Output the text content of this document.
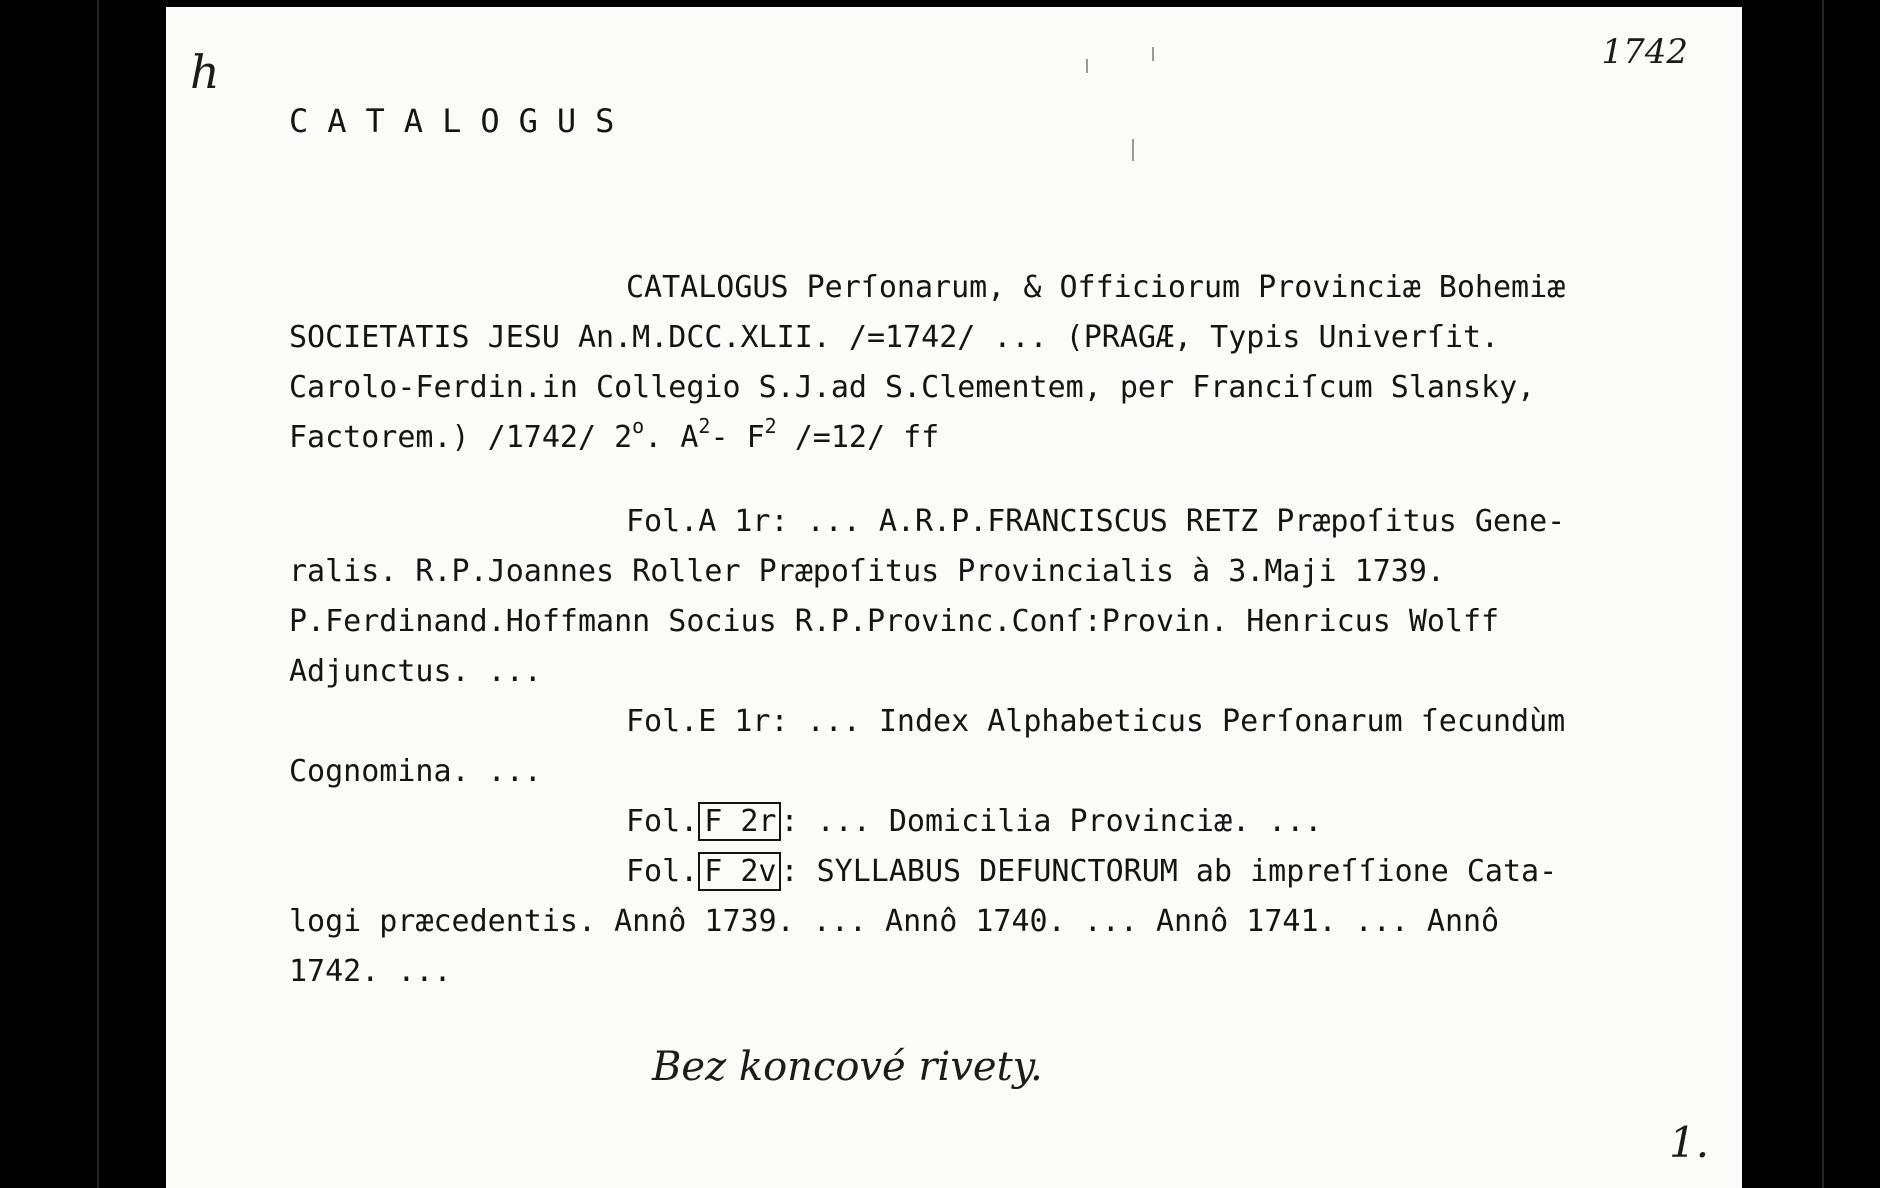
h	1742
CATALOGUS
CATALOGUS Perſonarum, & Officiorum Provinciæ Bohemiæ
SOCIETATIS JESU An.M.DCC.XLII. /=1742/ ... (PRAGÆ, Typis Univerſit.
Carolo-Ferdin.in Collegio S.J.ad S.Clementem, per Franciſcum Slansky,
Factorem.) /1742/ 2$^o$. $A^2-$ $F^2$ /=12/ ff
Fol.A 1r: ... A.R.P.FRANCISCUS RETZ Præpoſitus Gene-
ralis. R.P.Joannes Roller Præpoſitus Provincialis à 3.Maji 1739.
P.Ferdinand.Hoffmann Socius R.P.Provinc.Conſ:Provin. Henricus Wolff
Adjunctus. ...
Fol.E 1r: ... Index Alphabeticus Perſonarum ſecundùm
Cognomina. ...
Fol. F 2r : ... Domicilia Provinciæ. ...
Fol. F 2v : SYLLABUS DEFUNCTORUM ab impreſſione Cata-
logi præcedentis. Annô 1739. ... Annô 1740. ... Annô 1741. ... Annô
1742. ...
Bez koncové rivety.
1.
